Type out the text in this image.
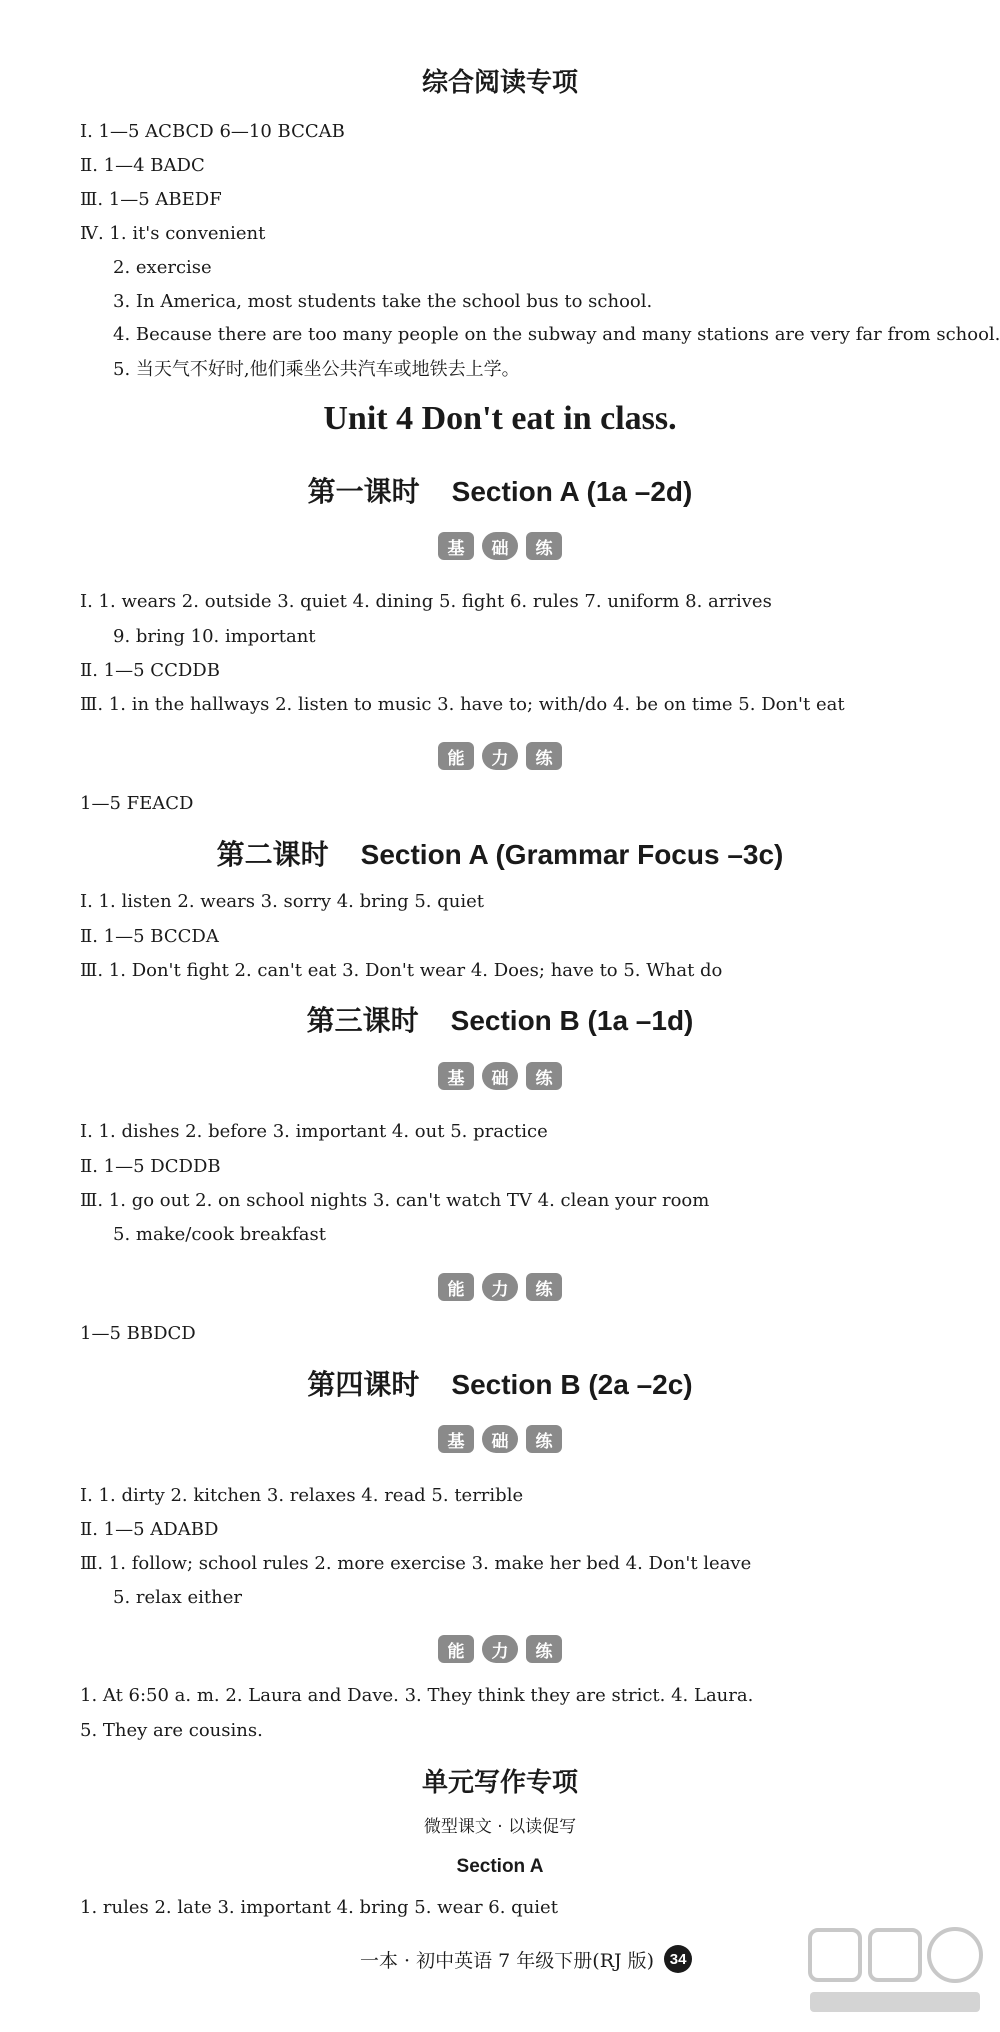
综合阅读专项
Ⅰ. 1—5 ACBCD 6—10 BCCAB
Ⅱ. 1—4 BADC
Ⅲ. 1—5 ABEDF
Ⅳ. 1. it's convenient
2. exercise
3. In America, most students take the school bus to school.
4. Because there are too many people on the subway and many stations are very far from school.
5. 当天气不好时,他们乘坐公共汽车或地铁去上学。
Unit 4 Don't eat in class.
第一课时 Section A (1a –2d)
基	础	练
Ⅰ. 1. wears 2. outside 3. quiet 4. dining 5. fight 6. rules 7. uniform 8. arrives
9. bring 10. important
Ⅱ. 1—5 CCDDB
Ⅲ. 1. in the hallways 2. listen to music 3. have to; with/do 4. be on time 5. Don't eat
能	力	练
1—5 FEACD
第二课时 Section A (Grammar Focus –3c)
Ⅰ. 1. listen 2. wears 3. sorry 4. bring 5. quiet
Ⅱ. 1—5 BCCDA
Ⅲ. 1. Don't fight 2. can't eat 3. Don't wear 4. Does; have to 5. What do
第三课时 Section B (1a –1d)
基	础	练
Ⅰ. 1. dishes 2. before 3. important 4. out 5. practice
Ⅱ. 1—5 DCDDB
Ⅲ. 1. go out 2. on school nights 3. can't watch TV 4. clean your room
5. make/cook breakfast
能	力	练
1—5 BBDCD
第四课时 Section B (2a –2c)
基	础	练
Ⅰ. 1. dirty 2. kitchen 3. relaxes 4. read 5. terrible
Ⅱ. 1—5 ADABD
Ⅲ. 1. follow; school rules 2. more exercise 3. make her bed 4. Don't leave
5. relax either
能	力	练
1. At 6:50 a. m. 2. Laura and Dave. 3. They think they are strict. 4. Laura.
5. They are cousins.
单元写作专项
微型课文 · 以读促写
Section A
1. rules 2. late 3. important 4. bring 5. wear 6. quiet
一本 · 初中英语 7 年级下册(RJ 版)	34
